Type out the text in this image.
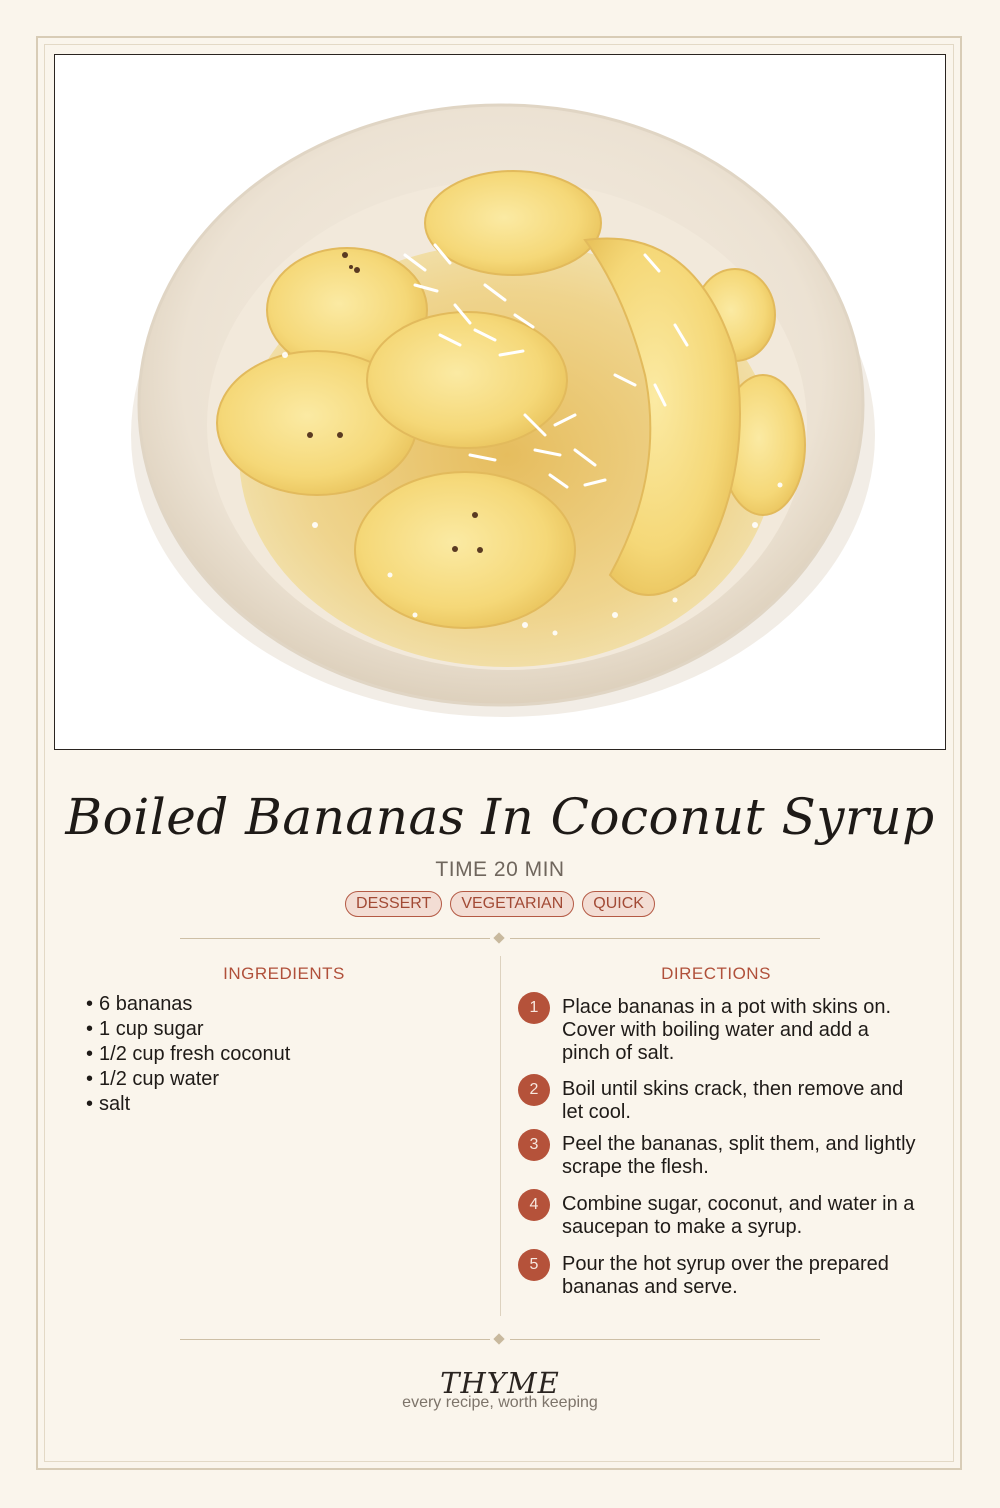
Boiled Bananas In Coconut Syrup
TIME 20 MIN
DESSERT	VEGETARIAN	QUICK
INGREDIENTS
• 6 bananas
• 1 cup sugar
• 1/2 cup fresh coconut
• 1/2 cup water
• salt
DIRECTIONS
1	Place bananas in a pot with skins on. Cover with boiling water and add a pinch of salt.
2	Boil until skins crack, then remove and let cool.
3	Peel the bananas, split them, and lightly scrape the flesh.
4	Combine sugar, coconut, and water in a saucepan to make a syrup.
5	Pour the hot syrup over the prepared bananas and serve.
THYME
every recipe, worth keeping
